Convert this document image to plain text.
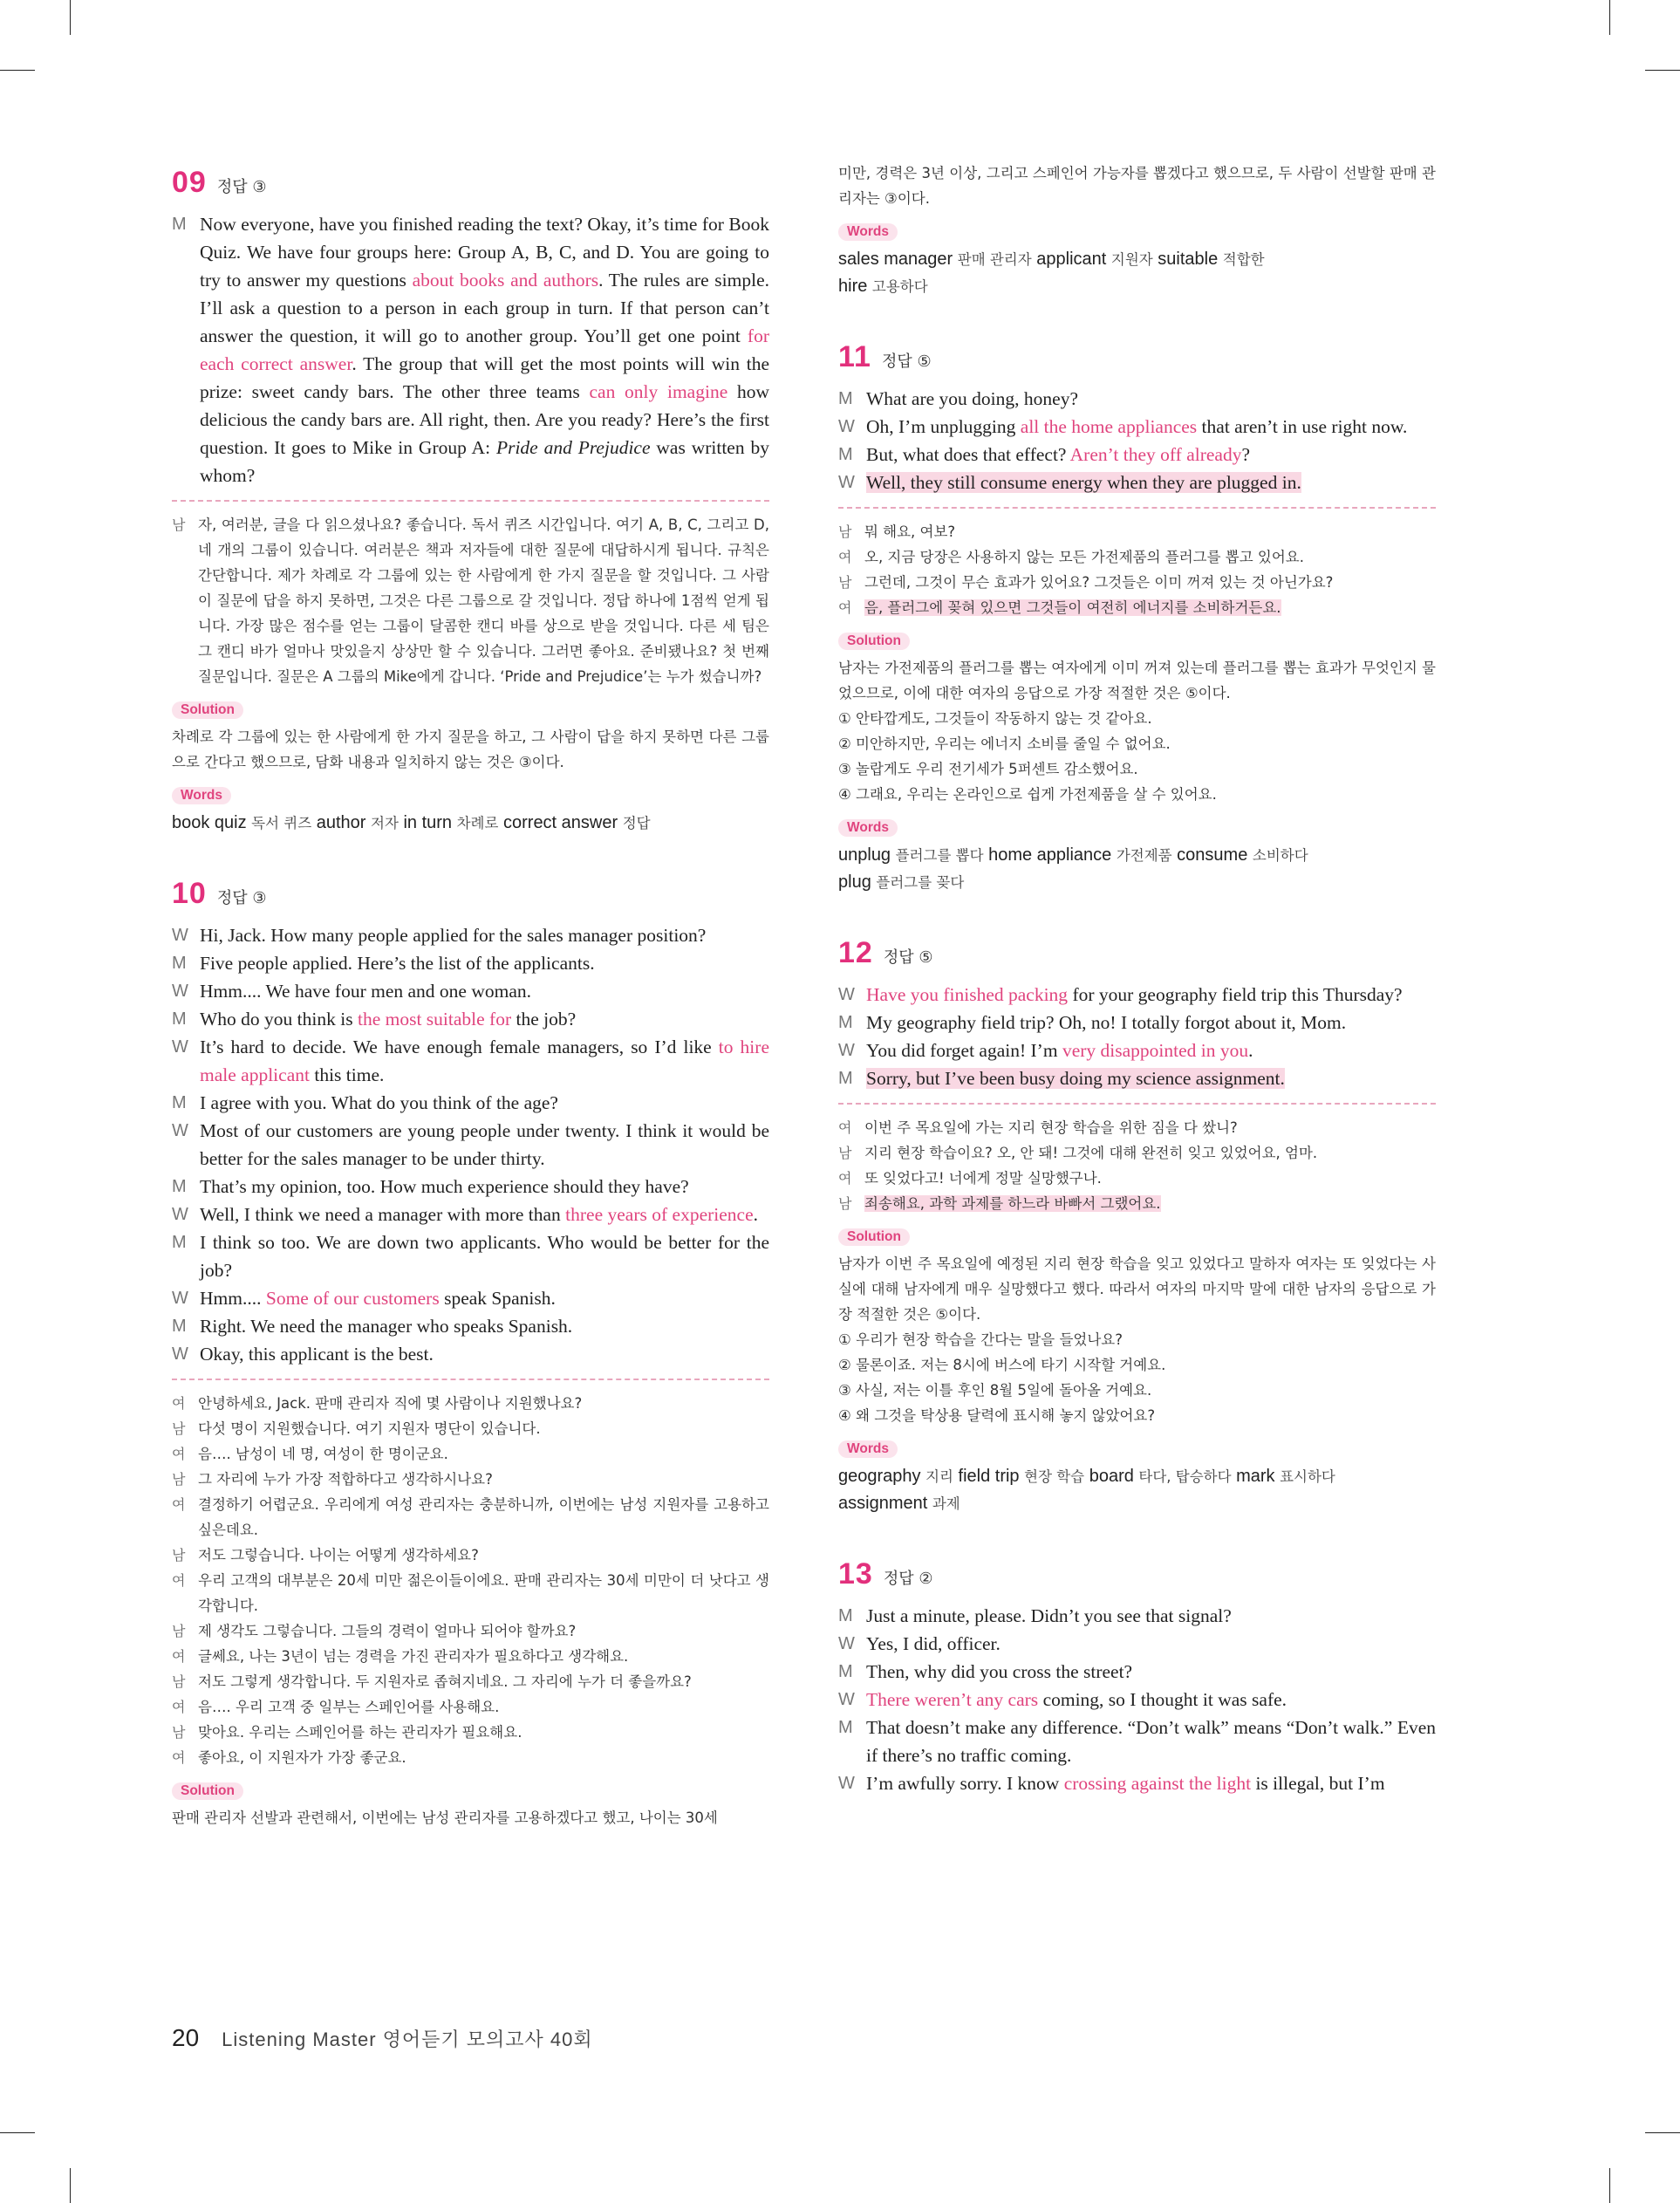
09 정답 ③
M Now everyone, have you finished reading the text? Okay, it’s time for Book Quiz. We have four groups here: Group A, B, C, and D. You are going to try to answer my questions about books and authors. The rules are simple. I’ll ask a question to a person in each group in turn. If that person can’t answer the question, it will go to another group. You’ll get one point for each correct answer. The group that will get the most points will win the prize: sweet candy bars. The other three teams can only imagine how delicious the candy bars are. All right, then. Are you ready? Here’s the first question. It goes to Mike in Group A: Pride and Prejudice was written by whom?
남 자, 여러분, 글을 다 읽으셨나요? 좋습니다. 독서 퀴즈 시간입니다. 여기 A, B, C, 그리고 D, 네 개의 그룹이 있습니다. 여러분은 책과 저자들에 대한 질문에 대답하시게 됩니다. 규칙은 간단합니다. 제가 차례로 각 그룹에 있는 한 사람에게 한 가지 질문을 할 것입니다. 그 사람이 질문에 답을 하지 못하면, 그것은 다른 그룹으로 갈 것입니다. 정답 하나에 1점씩 얻게 됩니다. 가장 많은 점수를 얻는 그룹이 달콤한 캔디 바를 상으로 받을 것입니다. 다른 세 팀은 그 캔디 바가 얼마나 맛있을지 상상만 할 수 있습니다. 그러면 좋아요. 준비됐나요? 첫 번째 질문입니다. 질문은 A 그룹의 Mike에게 갑니다. ‘Pride and Prejudice’는 누가 썼습니까?
Solution
차례로 각 그룹에 있는 한 사람에게 한 가지 질문을 하고, 그 사람이 답을 하지 못하면 다른 그룹으로 간다고 했으므로, 담화 내용과 일치하지 않는 것은 ③이다.
Words
book quiz 독서 퀴즈 author 저자 in turn 차례로 correct answer 정답
10 정답 ③
W Hi, Jack. How many people applied for the sales manager position?
M Five people applied. Here’s the list of the applicants.
W Hmm.... We have four men and one woman.
M Who do you think is the most suitable for the job?
W It’s hard to decide. We have enough female managers, so I’d like to hire male applicant this time.
M I agree with you. What do you think of the age?
W Most of our customers are young people under twenty. I think it would be better for the sales manager to be under thirty.
M That’s my opinion, too. How much experience should they have?
W Well, I think we need a manager with more than three years of experience.
M I think so too. We are down two applicants. Who would be better for the job?
W Hmm.... Some of our customers speak Spanish.
M Right. We need the manager who speaks Spanish.
W Okay, this applicant is the best.
여 안녕하세요, Jack. 판매 관리자 직에 몇 사람이나 지원했나요?
남 다섯 명이 지원했습니다. 여기 지원자 명단이 있습니다.
여 음…. 남성이 네 명, 여성이 한 명이군요.
남 그 자리에 누가 가장 적합하다고 생각하시나요?
여 결정하기 어렵군요. 우리에게 여성 관리자는 충분하니까, 이번에는 남성 지원자를 고용하고 싶은데요.
남 저도 그렇습니다. 나이는 어떻게 생각하세요?
여 우리 고객의 대부분은 20세 미만 젊은이들이에요. 판매 관리자는 30세 미만이 더 낫다고 생각합니다.
남 제 생각도 그렇습니다. 그들의 경력이 얼마나 되어야 할까요?
여 글쎄요, 나는 3년이 넘는 경력을 가진 관리자가 필요하다고 생각해요.
남 저도 그렇게 생각합니다. 두 지원자로 좁혀지네요. 그 자리에 누가 더 좋을까요?
여 음…. 우리 고객 중 일부는 스페인어를 사용해요.
남 맞아요. 우리는 스페인어를 하는 관리자가 필요해요.
여 좋아요, 이 지원자가 가장 좋군요.
Solution
판매 관리자 선발과 관련해서, 이번에는 남성 관리자를 고용하겠다고 했고, 나이는 30세
미만, 경력은 3년 이상, 그리고 스페인어 가능자를 뽑겠다고 했으므로, 두 사람이 선발할 판매 관리자는 ③이다.
Words
sales manager 판매 관리자 applicant 지원자 suitable 적합한
hire 고용하다
11 정답 ⑤
M What are you doing, honey?
W Oh, I’m unplugging all the home appliances that aren’t in use right now.
M But, what does that effect? Aren’t they off already?
W Well, they still consume energy when they are plugged in.
남 뭐 해요, 여보?
여 오, 지금 당장은 사용하지 않는 모든 가전제품의 플러그를 뽑고 있어요.
남 그런데, 그것이 무슨 효과가 있어요? 그것들은 이미 꺼져 있는 것 아닌가요?
여 음, 플러그에 꽂혀 있으면 그것들이 여전히 에너지를 소비하거든요.
Solution
남자는 가전제품의 플러그를 뽑는 여자에게 이미 꺼져 있는데 플러그를 뽑는 효과가 무엇인지 물었으므로, 이에 대한 여자의 응답으로 가장 적절한 것은 ⑤이다.
① 안타깝게도, 그것들이 작동하지 않는 것 같아요.
② 미안하지만, 우리는 에너지 소비를 줄일 수 없어요.
③ 놀랍게도 우리 전기세가 5퍼센트 감소했어요.
④ 그래요, 우리는 온라인으로 쉽게 가전제품을 살 수 있어요.
Words
unplug 플러그를 뽑다 home appliance 가전제품 consume 소비하다
plug 플러그를 꽂다
12 정답 ⑤
W Have you finished packing for your geography field trip this Thursday?
M My geography field trip? Oh, no! I totally forgot about it, Mom.
W You did forget again! I’m very disappointed in you.
M Sorry, but I’ve been busy doing my science assignment.
여 이번 주 목요일에 가는 지리 현장 학습을 위한 짐을 다 쌌니?
남 지리 현장 학습이요? 오, 안 돼! 그것에 대해 완전히 잊고 있었어요, 엄마.
여 또 잊었다고! 너에게 정말 실망했구나.
남 죄송해요, 과학 과제를 하느라 바빠서 그랬어요.
Solution
남자가 이번 주 목요일에 예정된 지리 현장 학습을 잊고 있었다고 말하자 여자는 또 잊었다는 사실에 대해 남자에게 매우 실망했다고 했다. 따라서 여자의 마지막 말에 대한 남자의 응답으로 가장 적절한 것은 ⑤이다.
① 우리가 현장 학습을 간다는 말을 들었나요?
② 물론이죠. 저는 8시에 버스에 타기 시작할 거예요.
③ 사실, 저는 이틀 후인 8월 5일에 돌아올 거예요.
④ 왜 그것을 탁상용 달력에 표시해 놓지 않았어요?
Words
geography 지리 field trip 현장 학습 board 타다, 탑승하다 mark 표시하다
assignment 과제
13 정답 ②
M Just a minute, please. Didn’t you see that signal?
W Yes, I did, officer.
M Then, why did you cross the street?
W There weren’t any cars coming, so I thought it was safe.
M That doesn’t make any difference. “Don’t walk” means “Don’t walk.” Even if there’s no traffic coming.
W I’m awfully sorry. I know crossing against the light is illegal, but I’m
20 Listening Master 영어듣기 모의고사 40회
